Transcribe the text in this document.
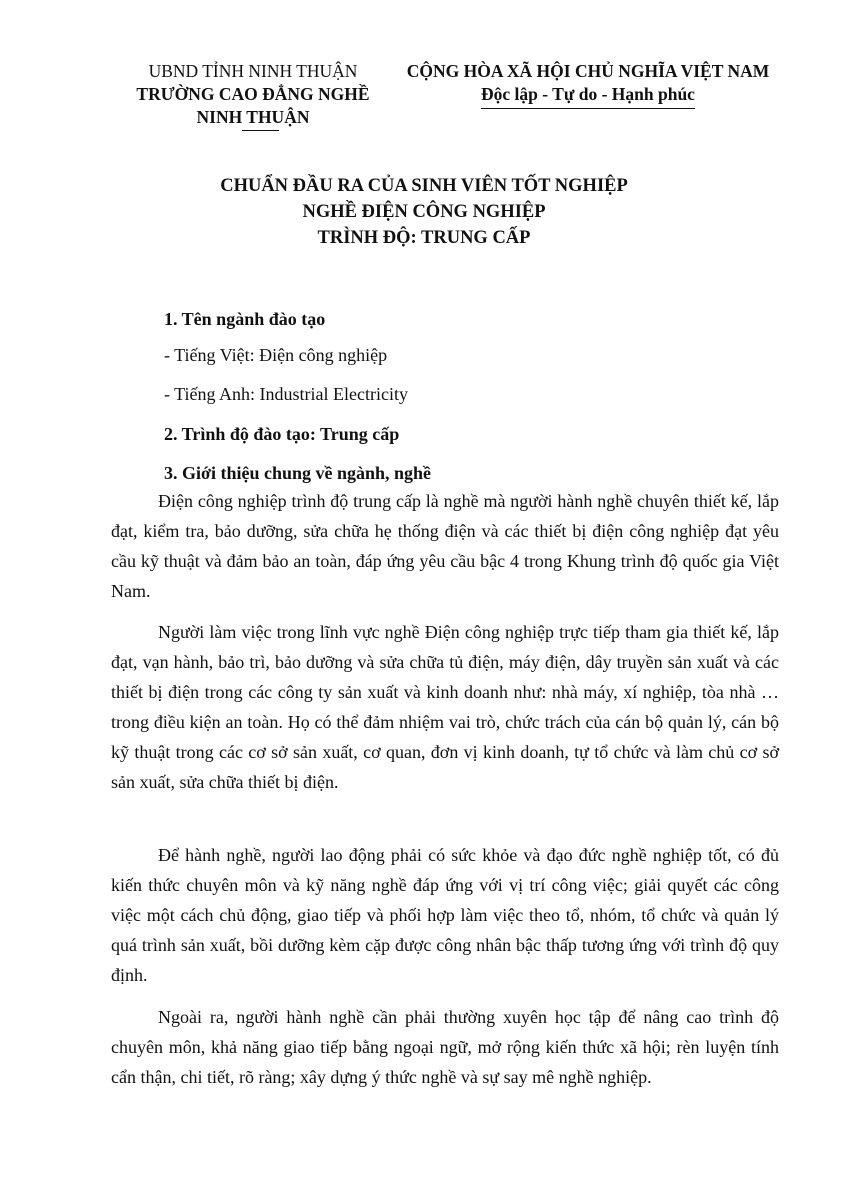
UBND TỈNH NINH THUẬN
TRƯỜNG CAO ĐẲNG NGHỀ
NINH THUẬN
CỘNG HÒA XÃ HỘI CHỦ NGHĨA VIỆT NAM
Độc lập - Tự do - Hạnh phúc
CHUẨN ĐẦU RA CỦA SINH VIÊN TỐT NGHIỆP
NGHỀ ĐIỆN CÔNG NGHIỆP
TRÌNH ĐỘ: TRUNG CẤP
1. Tên ngành đào tạo
- Tiếng Việt: Điện công nghiệp
- Tiếng Anh: Industrial Electricity
2. Trình độ đào tạo: Trung cấp
3. Giới thiệu chung về ngành, nghề

Điện công nghiệp trình độ trung cấp là nghề mà người hành nghề chuyên thiết kế, lắp đạt, kiểm tra, bảo dưỡng, sửa chữa hẹ thống điện và các thiết bị điện công nghiệp đạt yêu cầu kỹ thuật và đảm bảo an toàn, đáp ứng yêu cầu bậc 4 trong Khung trình độ quốc gia Việt Nam.

Người làm việc trong lĩnh vực nghề Điện công nghiệp trực tiếp tham gia thiết kế, lắp đạt, vạn hành, bảo trì, bảo dưỡng và sửa chữa tủ điện, máy điện, dây truyền sản xuất và các thiết bị điện trong các công ty sản xuất và kinh doanh như: nhà máy, xí nghiệp, tòa nhà … trong điều kiện an toàn. Họ có thể đảm nhiệm vai trò, chức trách của cán bộ quản lý, cán bộ kỹ thuật trong các cơ sở sản xuất, cơ quan, đơn vị kinh doanh, tự tổ chức và làm chủ cơ sở sản xuất, sửa chữa thiết bị điện.

Để hành nghề, người lao động phải có sức khỏe và đạo đức nghề nghiệp tốt, có đủ kiến thức chuyên môn và kỹ năng nghề đáp ứng với vị trí công việc; giải quyết các công việc một cách chủ động, giao tiếp và phối hợp làm việc theo tổ, nhóm, tổ chức và quản lý quá trình sản xuất, bồi dưỡng kèm cặp được công nhân bậc thấp tương ứng với trình độ quy định.

Ngoài ra, người hành nghề cần phải thường xuyên học tập để nâng cao trình độ chuyên môn, khả năng giao tiếp bằng ngoại ngữ, mở rộng kiến thức xã hội; rèn luyện tính cẩn thận, chi tiết, rõ ràng; xây dựng ý thức nghề và sự say mê nghề nghiệp.
